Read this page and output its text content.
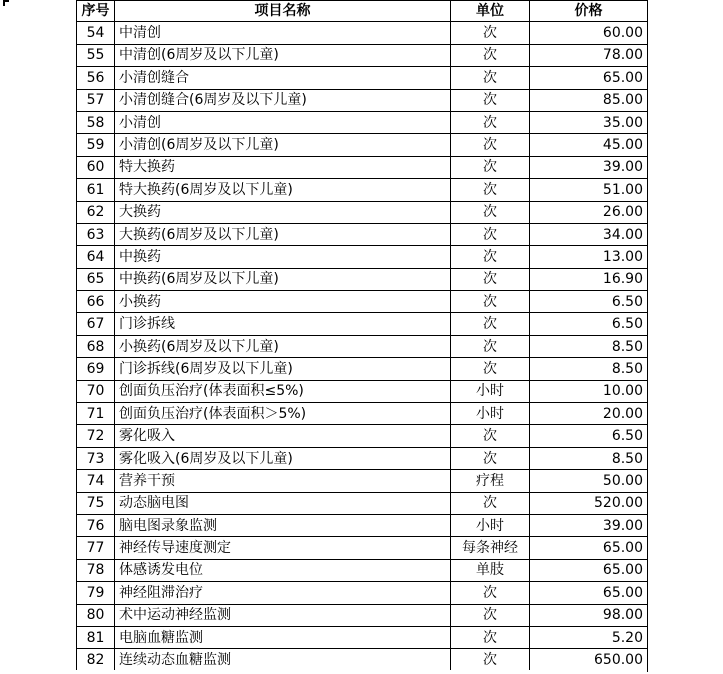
序号	项目名称	单位	价格
54	中清创	次	60.00
55	中清创(6周岁及以下儿童)	次	78.00
56	小清创缝合	次	65.00
57	小清创缝合(6周岁及以下儿童)	次	85.00
58	小清创	次	35.00
59	小清创(6周岁及以下儿童)	次	45.00
60	特大换药	次	39.00
61	特大换药(6周岁及以下儿童)	次	51.00
62	大换药	次	26.00
63	大换药(6周岁及以下儿童)	次	34.00
64	中换药	次	13.00
65	中换药(6周岁及以下儿童)	次	16.90
66	小换药	次	6.50
67	门诊拆线	次	6.50
68	小换药(6周岁及以下儿童)	次	8.50
69	门诊拆线(6周岁及以下儿童)	次	8.50
70	创面负压治疗(体表面积≤5%)	小时	10.00
71	创面负压治疗(体表面积＞5%)	小时	20.00
72	雾化吸入	次	6.50
73	雾化吸入(6周岁及以下儿童)	次	8.50
74	营养干预	疗程	50.00
75	动态脑电图	次	520.00
76	脑电图录象监测	小时	39.00
77	神经传导速度测定	每条神经	65.00
78	体感诱发电位	单肢	65.00
79	神经阻滞治疗	次	65.00
80	术中运动神经监测	次	98.00
81	电脑血糖监测	次	5.20
82	连续动态血糖监测	次	650.00
